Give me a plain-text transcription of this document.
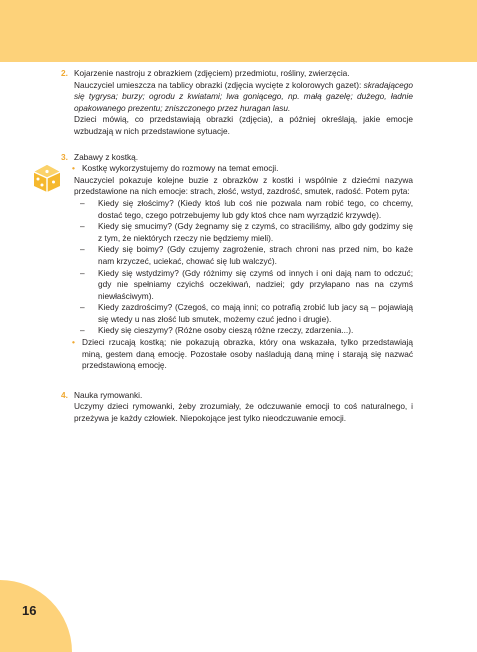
2. Kojarzenie nastroju z obrazkiem (zdjęciem) przedmiotu, rośliny, zwierzęcia.

Nauczyciel umieszcza na tablicy obrazki (zdjęcia wycięte z kolorowych gazet): skradającego się tygrysa; burzy; ogrodu z kwiatami; lwa goniącego, np. małą gazelę; dużego, ładnie opakowanego prezentu; zniszczonego przez huragan lasu.

Dzieci mówią, co przedstawiają obrazki (zdjęcia), a później określają, jakie emocje wzbudzają w nich przedstawione sytuacje.

3. Zabawy z kostką.

• Kostkę wykorzystujemy do rozmowy na temat emocji.

Nauczyciel pokazuje kolejne buzie z obrazków z kostki i wspólnie z dziećmi nazywa przedstawione na nich emocje: strach, złość, wstyd, zazdrość, smutek, radość. Potem pyta:

– Kiedy się złościmy? (Kiedy ktoś lub coś nie pozwala nam robić tego, co chcemy, dostać tego, czego potrzebujemy lub gdy ktoś chce nam wyrządzić krzywdę).

– Kiedy się smucimy? (Gdy żegnamy się z czymś, co straciliśmy, albo gdy godzimy się z tym, że niektórych rzeczy nie będziemy mieli).

– Kiedy się boimy? (Gdy czujemy zagrożenie, strach chroni nas przed nim, bo każe nam krzyczeć, uciekać, chować się lub walczyć).

– Kiedy się wstydzimy? (Gdy różnimy się czymś od innych i oni dają nam to odczuć; gdy nie spełniamy czyichś oczekiwań, nadziei; gdy przyłapano nas na czymś niewłaściwym).

– Kiedy zazdrościmy? (Czegoś, co mają inni; co potrafią zrobić lub jacy są – pojawiają się wtedy u nas złość lub smutek, możemy czuć jedno i drugie).

– Kiedy się cieszymy? (Różne osoby cieszą różne rzeczy, zdarzenia...).

• Dzieci rzucają kostką; nie pokazują obrazka, który ona wskazała, tylko przedstawiają miną, gestem daną emocję. Pozostałe osoby naśladują daną minę i starają się nazwać przedstawioną emocję.

4. Nauka rymowanki.

Uczymy dzieci rymowanki, żeby zrozumiały, że odczuwanie emocji to coś naturalnego, i przeżywa je każdy człowiek. Niepokojące jest tylko nieodczuwanie emocji.

16
